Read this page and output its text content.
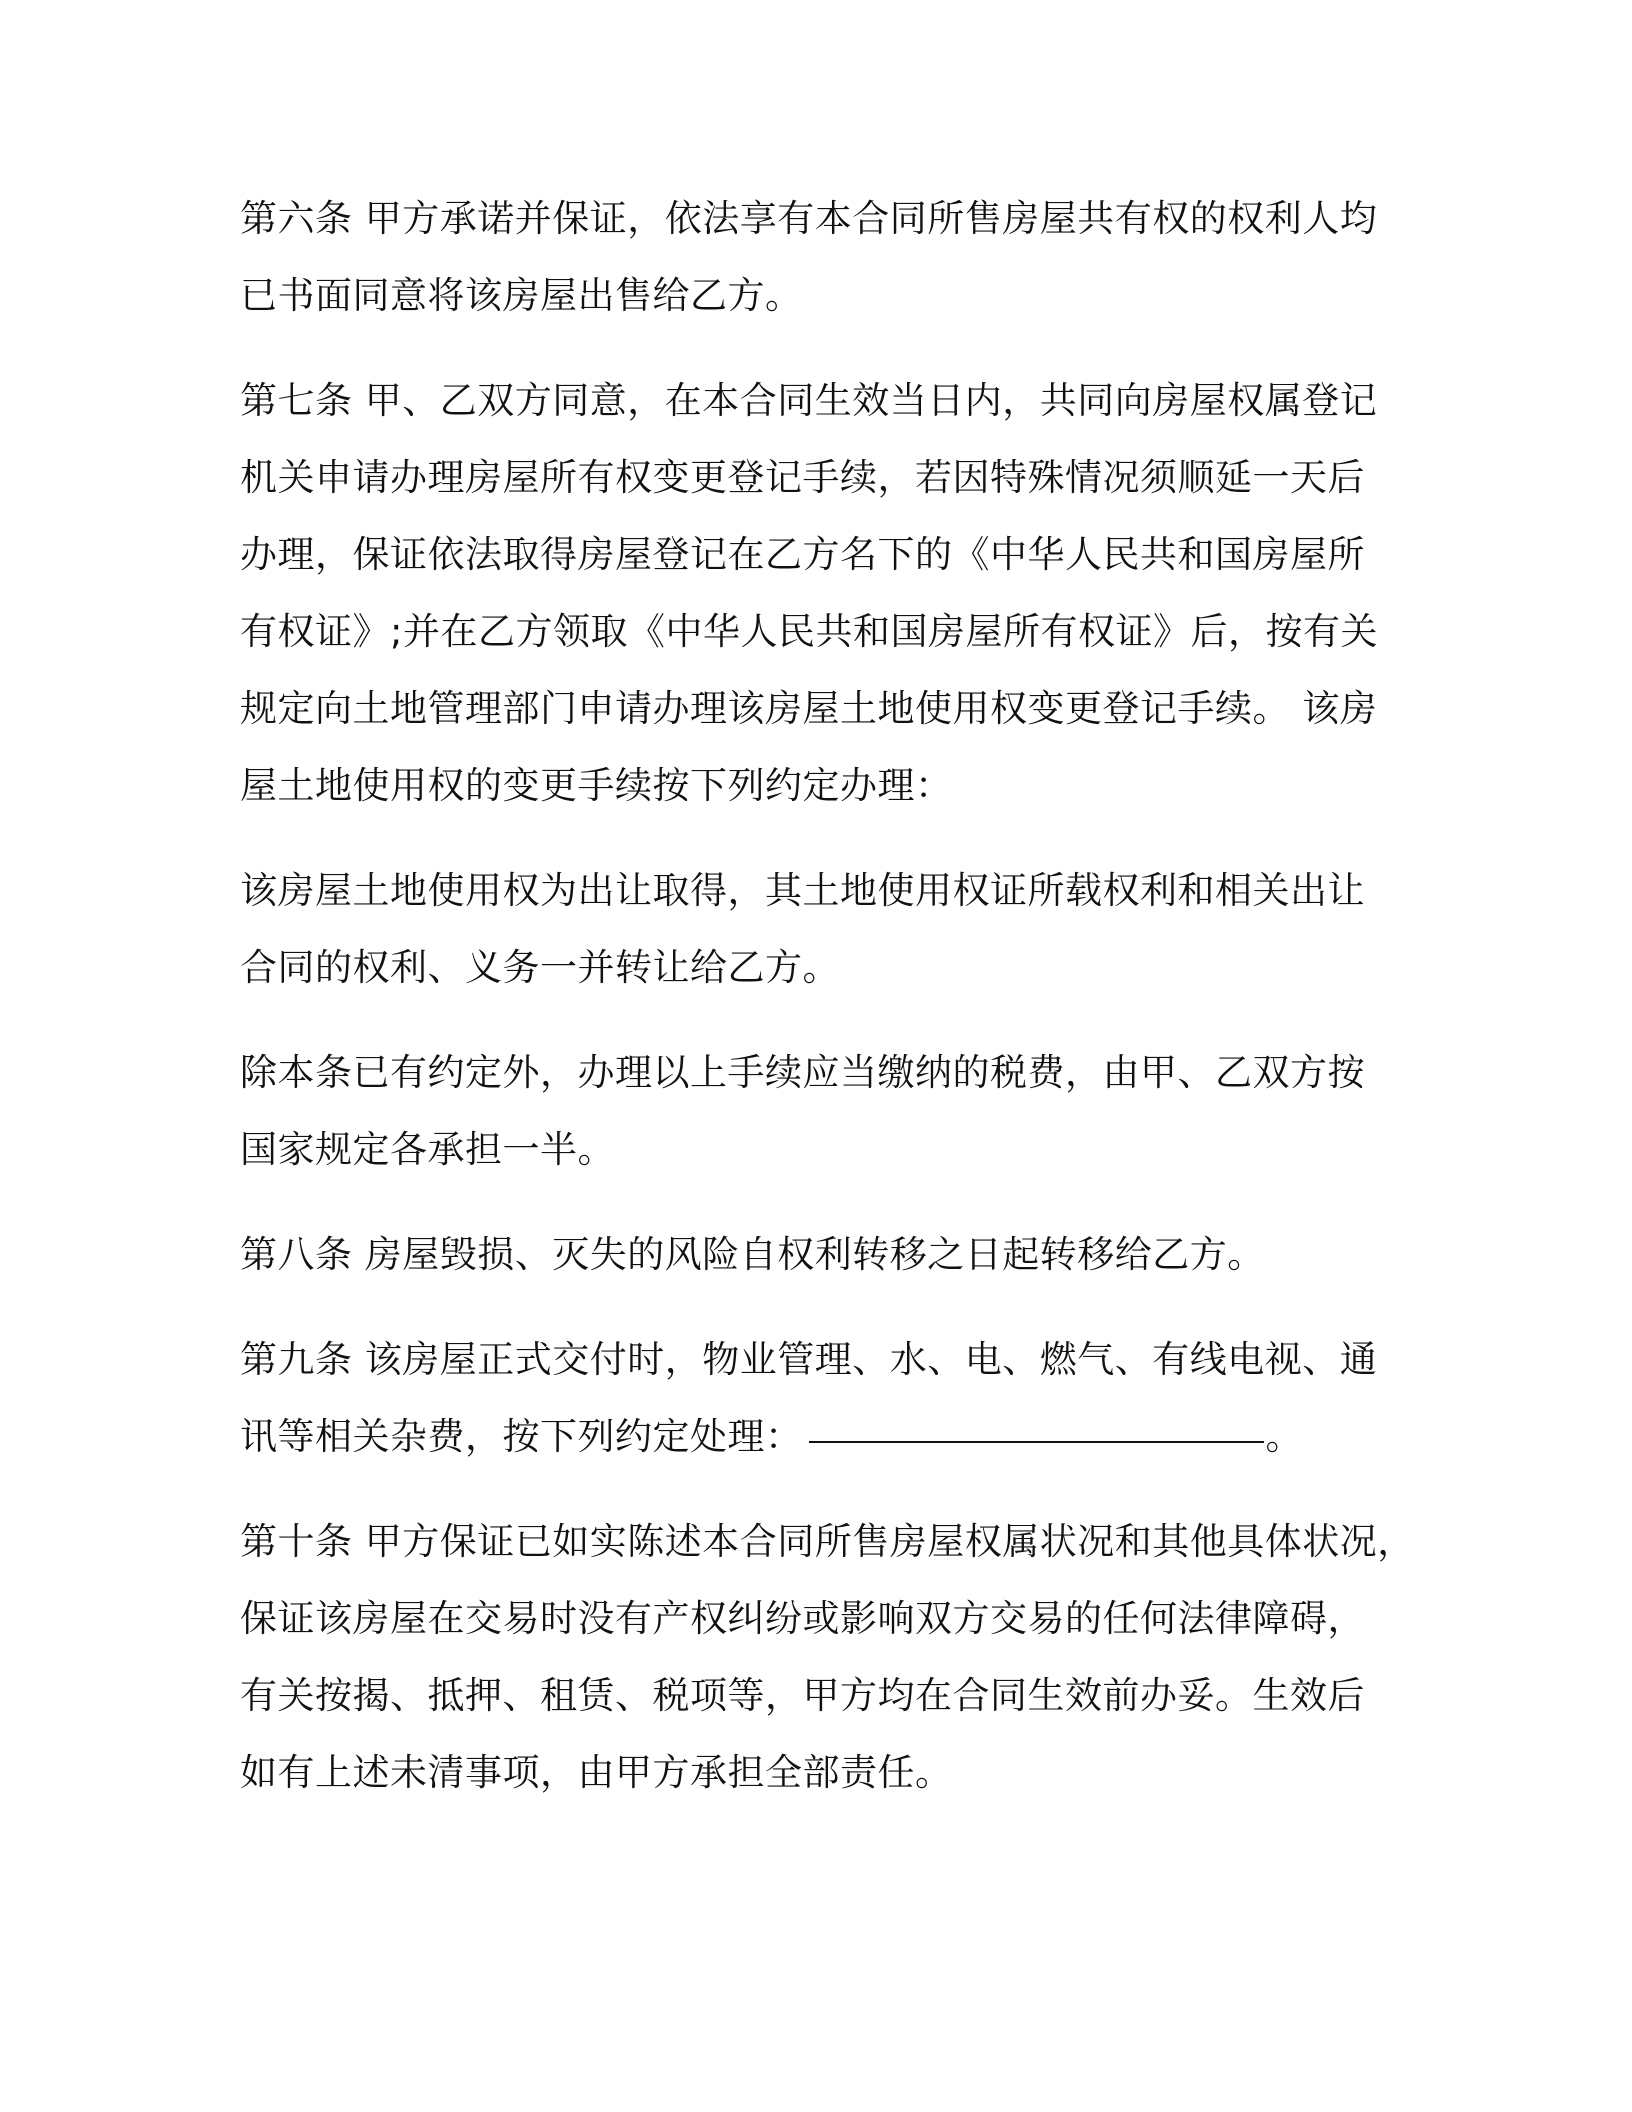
第六条 甲方承诺并保证，依法享有本合同所售房屋共有权的权利人均
已书面同意将该房屋出售给乙方。

第七条 甲、乙双方同意，在本合同生效当日内，共同向房屋权属登记
机关申请办理房屋所有权变更登记手续，若因特殊情况须顺延一天后
办理，保证依法取得房屋登记在乙方名下的《中华人民共和国房屋所
有权证》;并在乙方领取《中华人民共和国房屋所有权证》后，按有关
规定向土地管理部门申请办理该房屋土地使用权变更登记手续。 该房
屋土地使用权的变更手续按下列约定办理：

该房屋土地使用权为出让取得，其土地使用权证所载权利和相关出让
合同的权利、义务一并转让给乙方。

除本条已有约定外，办理以上手续应当缴纳的税费，由甲、乙双方按
国家规定各承担一半。

第八条 房屋毁损、灭失的风险自权利转移之日起转移给乙方。

第九条 该房屋正式交付时，物业管理、水、电、燃气、有线电视、通
讯等相关杂费，按下列约定处理：	。

第十条 甲方保证已如实陈述本合同所售房屋权属状况和其他具体状况，
保证该房屋在交易时没有产权纠纷或影响双方交易的任何法律障碍，
有关按揭、抵押、租赁、税项等，甲方均在合同生效前办妥。生效后
如有上述未清事项，由甲方承担全部责任。
